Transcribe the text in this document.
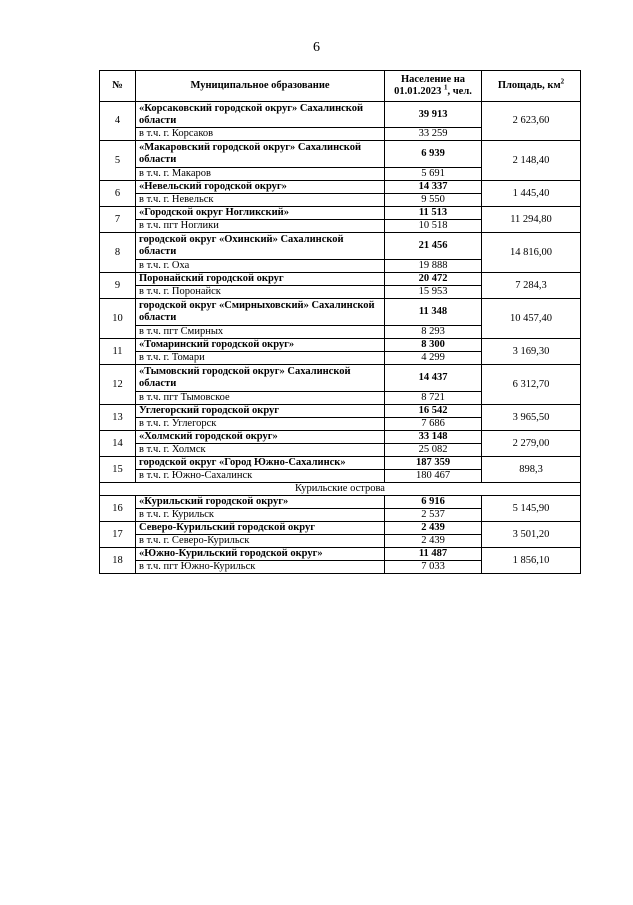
6
№	Муниципальное образование	Население на 01.01.2023 $^1$, чел.	Площадь, $км^2$
4	«Корсаковский городской округ» Сахалинской области	39 913	2 623,60
	в т.ч. г. Корсаков	33 259	
5	«Макаровский городской округ» Сахалинской области	6 939	2 148,40
	в т.ч. г. Макаров	5 691	
6	«Невельский городской округ»	14 337	1 445,40
	в т.ч. г. Невельск	9 550	
7	«Городской округ Ногликский»	11 513	11 294,80
	в т.ч. пгт Ноглики	10 518	
8	городской округ «Охинский» Сахалинской области	21 456	14 816,00
	в т.ч. г. Оха	19 888	
9	Поронайский городской округ	20 472	7 284,3
	в т.ч. г. Поронайск	15 953	
10	городской округ «Смирныховский» Сахалинской области	11 348	10 457,40
	в т.ч. пгт Смирных	8 293	
11	«Томаринский городской округ»	8 300	3 169,30
	в т.ч. г. Томари	4 299	
12	«Тымовский городской округ» Сахалинской области	14 437	6 312,70
	в т.ч. пгт Тымовское	8 721	
13	Углегорский городской округ	16 542	3 965,50
	в т.ч. г. Углегорск	7 686	
14	«Холмский городской округ»	33 148	2 279,00
	в т.ч. г. Холмск	25 082	
15	городской округ «Город Южно-Сахалинск»	187 359	898,3
	в т.ч. г. Южно-Сахалинск	180 467	
Курильские острова			
16	«Курильский городской округ»	6 916	5 145,90
	в т.ч. г. Курильск	2 537	
17	Северо-Курильский городской округ	2 439	3 501,20
	в т.ч. г. Северо-Курильск	2 439	
18	«Южно-Курильский городской округ»	11 487	1 856,10
	в т.ч. пгт Южно-Курильск	7 033	
